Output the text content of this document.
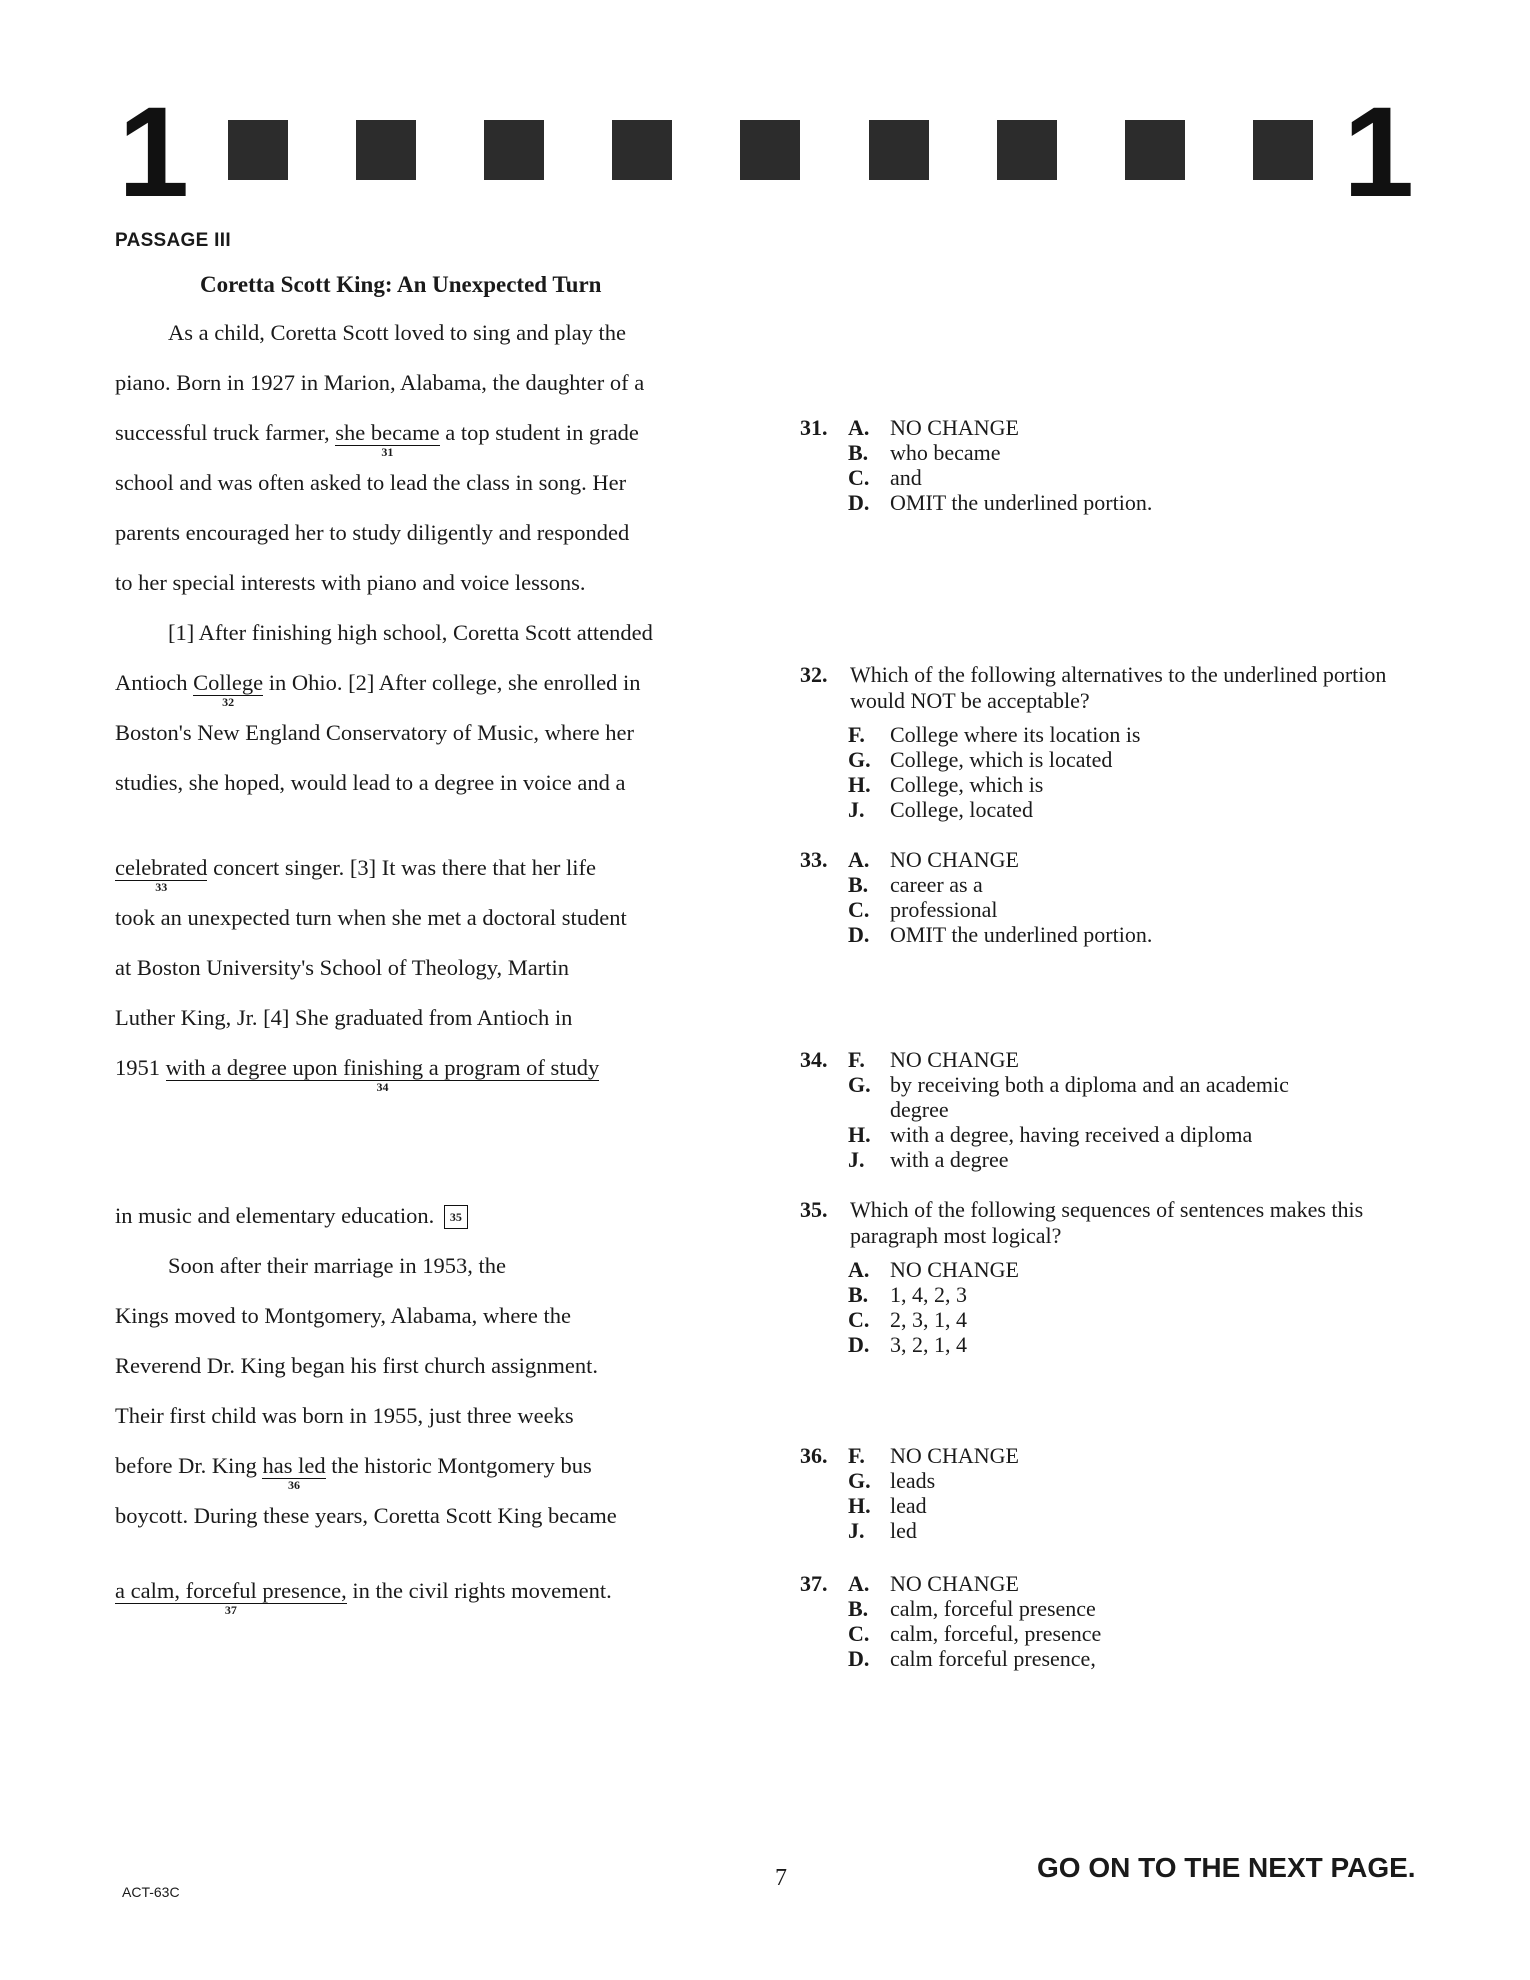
1	1
PASSAGE III
Coretta Scott King: An Unexpected Turn
As a child, Coretta Scott loved to sing and play the
piano. Born in 1927 in Marion, Alabama, the daughter of a
successful truck farmer, she became
31
a top student in grade
school and was often asked to lead the class in song. Her
parents encouraged her to study diligently and responded
to her special interests with piano and voice lessons.
[1] After finishing high school, Coretta Scott attended
Antioch College
32
in Ohio. [2] After college, she enrolled in
Boston's New England Conservatory of Music, where her
studies, she hoped, would lead to a degree in voice and a
celebrated
33
concert singer. [3] It was there that her life
took an unexpected turn when she met a doctoral student
at Boston University's School of Theology, Martin
Luther King, Jr. [4] She graduated from Antioch in
1951 with a degree upon finishing a program of study
34
in music and elementary education. 35
Soon after their marriage in 1953, the
Kings moved to Montgomery, Alabama, where the
Reverend Dr. King began his first church assignment.
Their first child was born in 1955, just three weeks
before Dr. King has led
36
the historic Montgomery bus
boycott. During these years, Coretta Scott King became
a calm, forceful presence,
37
in the civil rights movement.
31. A. NO CHANGE
B. who became
C. and
D. OMIT the underlined portion.
32.	Which of the following alternatives to the underlined portion would NOT be acceptable?
F. College where its location is
G. College, which is located
H. College, which is
J. College, located
33. A. NO CHANGE
B. career as a
C. professional
D. OMIT the underlined portion.
34. F. NO CHANGE
G. by receiving both a diploma and an academic
degree
H. with a degree, having received a diploma
J. with a degree
35.	Which of the following sequences of sentences makes this paragraph most logical?
A. NO CHANGE
B. 1, 4, 2, 3
C. 2, 3, 1, 4
D. 3, 2, 1, 4
36. F. NO CHANGE
G. leads
H. lead
J. led
37. A. NO CHANGE
B. calm, forceful presence
C. calm, forceful, presence
D. calm forceful presence,
ACT-63C
7	GO ON TO THE NEXT PAGE.
